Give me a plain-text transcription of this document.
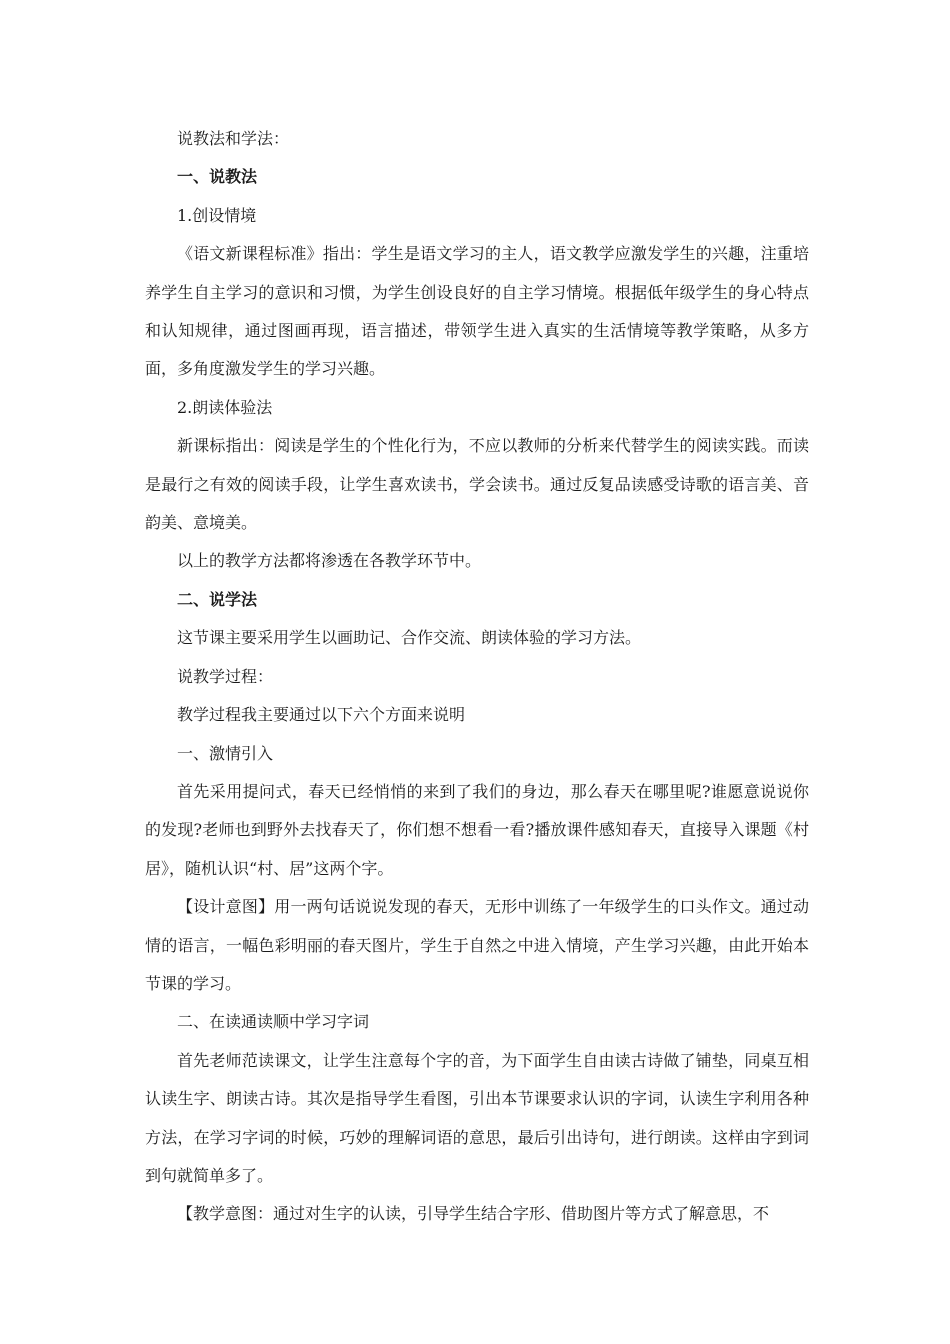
说教法和学法：

一、说教法

1.创设情境

《语文新课程标准》指出：学生是语文学习的主人，语文教学应激发学生的兴趣，注重培养学生自主学习的意识和习惯，为学生创设良好的自主学习情境。根据低年级学生的身心特点和认知规律，通过图画再现，语言描述，带领学生进入真实的生活情境等教学策略，从多方面，多角度激发学生的学习兴趣。

2.朗读体验法

新课标指出：阅读是学生的个性化行为，不应以教师的分析来代替学生的阅读实践。而读是最行之有效的阅读手段，让学生喜欢读书，学会读书。通过反复品读感受诗歌的语言美、音韵美、意境美。

以上的教学方法都将渗透在各教学环节中。

二、说学法

这节课主要采用学生以画助记、合作交流、朗读体验的学习方法。

说教学过程：

教学过程我主要通过以下六个方面来说明

一、激情引入

首先采用提问式，春天已经悄悄的来到了我们的身边，那么春天在哪里呢?谁愿意说说你的发现?老师也到野外去找春天了，你们想不想看一看?播放课件感知春天，直接导入课题《村居》，随机认识“村、居”这两个字。

【设计意图】用一两句话说说发现的春天，无形中训练了一年级学生的口头作文。通过动情的语言，一幅色彩明丽的春天图片，学生于自然之中进入情境，产生学习兴趣，由此开始本节课的学习。

二、在读通读顺中学习字词

首先老师范读课文，让学生注意每个字的音，为下面学生自由读古诗做了铺垫，同桌互相认读生字、朗读古诗。其次是指导学生看图，引出本节课要求认识的字词，认读生字利用各种方法，在学习字词的时候，巧妙的理解词语的意思，最后引出诗句，进行朗读。这样由字到词到句就简单多了。

【教学意图：通过对生字的认读，引导学生结合字形、借助图片等方式了解意思，不
